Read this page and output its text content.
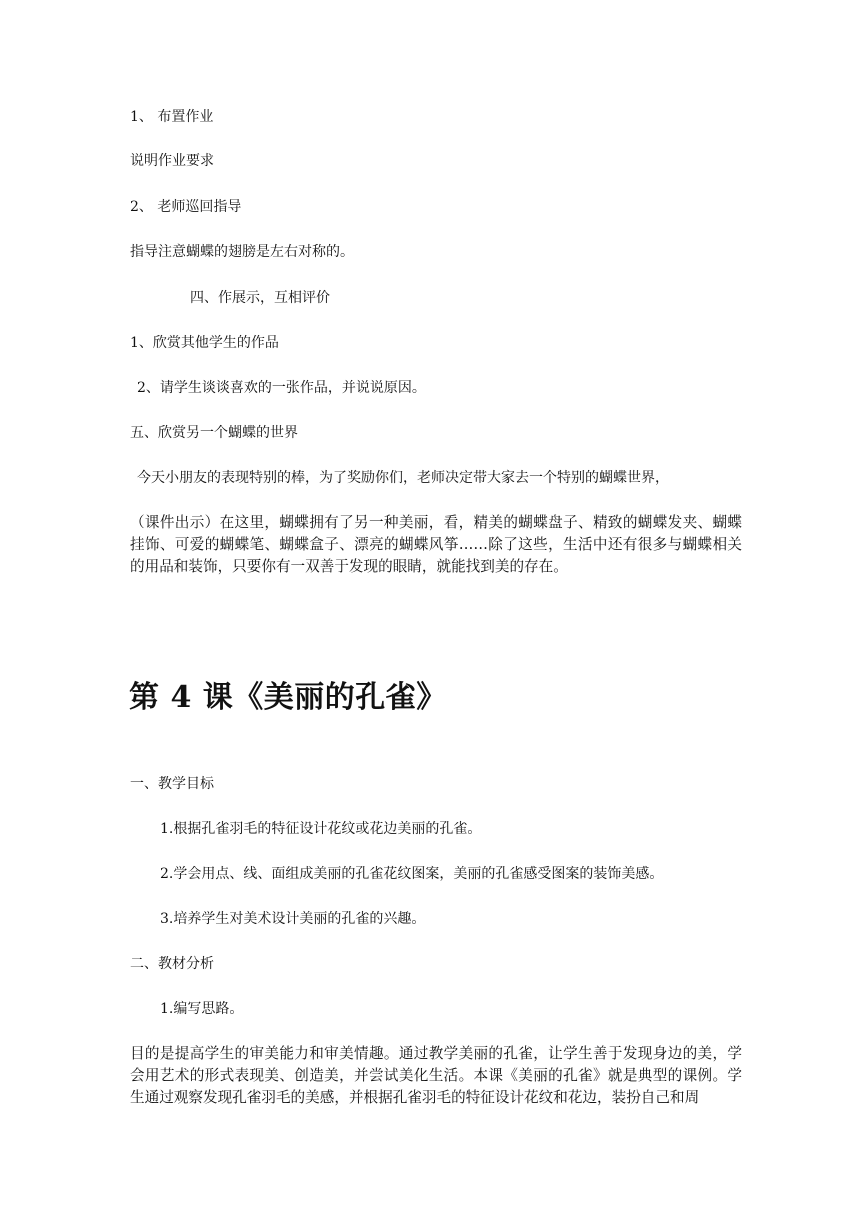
1、 布置作业
说明作业要求
2、 老师巡回指导
指导注意蝴蝶的翅膀是左右对称的。
四、作展示，互相评价
1、欣赏其他学生的作品
2、请学生谈谈喜欢的一张作品，并说说原因。
五、欣赏另一个蝴蝶的世界
今天小朋友的表现特别的棒，为了奖励你们，老师决定带大家去一个特别的蝴蝶世界，
（课件出示）在这里，蝴蝶拥有了另一种美丽，看，精美的蝴蝶盘子、精致的蝴蝶发夹、蝴蝶挂饰、可爱的蝴蝶笔、蝴蝶盒子、漂亮的蝴蝶风筝……除了这些，生活中还有很多与蝴蝶相关的用品和装饰，只要你有一双善于发现的眼睛，就能找到美的存在。
第 4 课《美丽的孔雀》
一、教学目标
1.根据孔雀羽毛的特征设计花纹或花边美丽的孔雀。
2.学会用点、线、面组成美丽的孔雀花纹图案，美丽的孔雀感受图案的装饰美感。
3.培养学生对美术设计美丽的孔雀的兴趣。
二、教材分析
1.编写思路。
目的是提高学生的审美能力和审美情趣。通过教学美丽的孔雀，让学生善于发现身边的美，学会用艺术的形式表现美、创造美，并尝试美化生活。本课《美丽的孔雀》就是典型的课例。学生通过观察发现孔雀羽毛的美感，并根据孔雀羽毛的特征设计花纹和花边，装扮自己和周
